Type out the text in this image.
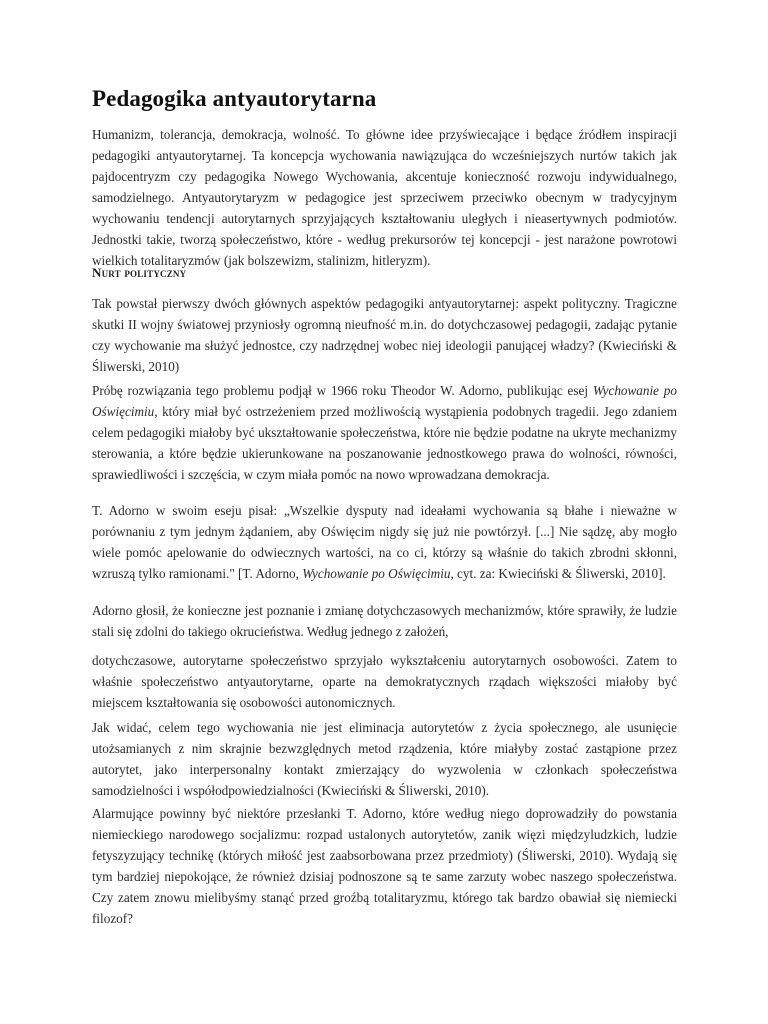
Pedagogika antyautorytarna

Humanizm, tolerancja, demokracja, wolność. To główne idee przyświecające i będące źródłem inspiracji pedagogiki antyautorytarnej. Ta koncepcja wychowania nawiązująca do wcześniejszych nurtów takich jak pajdocentryzm czy pedagogika Nowego Wychowania, akcentuje konieczność rozwoju indywidualnego, samodzielnego. Antyautorytaryzm w pedagogice jest sprzeciwem przeciwko obecnym w tradycyjnym wychowaniu tendencji autorytarnych sprzyjających kształtowaniu uległych i nieasertywnych podmiotów. Jednostki takie, tworzą społeczeństwo, które - według prekursorów tej koncepcji - jest narażone powrotowi wielkich totalitaryzmów (jak bolszewizm, stalinizm, hitleryzm).

Nurt polityczny

Tak powstał pierwszy dwóch głównych aspektów pedagogiki antyautorytarnej: aspekt polityczny. Tragiczne skutki II wojny światowej przyniosły ogromną nieufność m.in. do dotychczasowej pedagogii, zadając pytanie czy wychowanie ma służyć jednostce, czy nadrzędnej wobec niej ideologii panującej władzy? (Kwieciński & Śliwerski, 2010)

Próbę rozwiązania tego problemu podjął w 1966 roku Theodor W. Adorno, publikując esej Wychowanie po Oświęcimiu, który miał być ostrzeżeniem przed możliwością wystąpienia podobnych tragedii. Jego zdaniem celem pedagogiki miałoby być ukształtowanie społeczeństwa, które nie będzie podatne na ukryte mechanizmy sterowania, a które będzie ukierunkowane na poszanowanie jednostkowego prawa do wolności, równości, sprawiedliwości i szczęścia, w czym miała pomóc na nowo wprowadzana demokracja.

T. Adorno w swoim eseju pisał: „Wszelkie dysputy nad ideałami wychowania są błahe i nieważne w porównaniu z tym jednym żądaniem, aby Oświęcim nigdy się już nie powtórzył. [...] Nie sądzę, aby mogło wiele pomóc apelowanie do odwiecznych wartości, na co ci, którzy są właśnie do takich zbrodni skłonni, wzruszą tylko ramionami." [T. Adorno, Wychowanie po Oświęcimiu, cyt. za: Kwieciński & Śliwerski, 2010].

Adorno głosił, że konieczne jest poznanie i zmianę dotychczasowych mechanizmów, które sprawiły, że ludzie stali się zdolni do takiego okrucieństwa. Według jednego z założeń,

dotychczasowe, autorytarne społeczeństwo sprzyjało wykształceniu autorytarnych osobowości. Zatem to właśnie społeczeństwo antyautorytarne, oparte na demokratycznych rządach większości miałoby być miejscem kształtowania się osobowości autonomicznych.

Jak widać, celem tego wychowania nie jest eliminacja autorytetów z życia społecznego, ale usunięcie utożsamianych z nim skrajnie bezwzględnych metod rządzenia, które miałyby zostać zastąpione przez autorytet, jako interpersonalny kontakt zmierzający do wyzwolenia w członkach społeczeństwa samodzielności i współodpowiedzialności (Kwieciński & Śliwerski, 2010).

Alarmujące powinny być niektóre przesłanki T. Adorno, które według niego doprowadziły do powstania niemieckiego narodowego socjalizmu: rozpad ustalonych autorytetów, zanik więzi międzyludzkich, ludzie fetyszyzujący technikę (których miłość jest zaabsorbowana przez przedmioty) (Śliwerski, 2010). Wydają się tym bardziej niepokojące, że również dzisiaj podnoszone są te same zarzuty wobec naszego społeczeństwa. Czy zatem znowu mielibyśmy stanąć przed groźbą totalitaryzmu, którego tak bardzo obawiał się niemiecki filozof?
